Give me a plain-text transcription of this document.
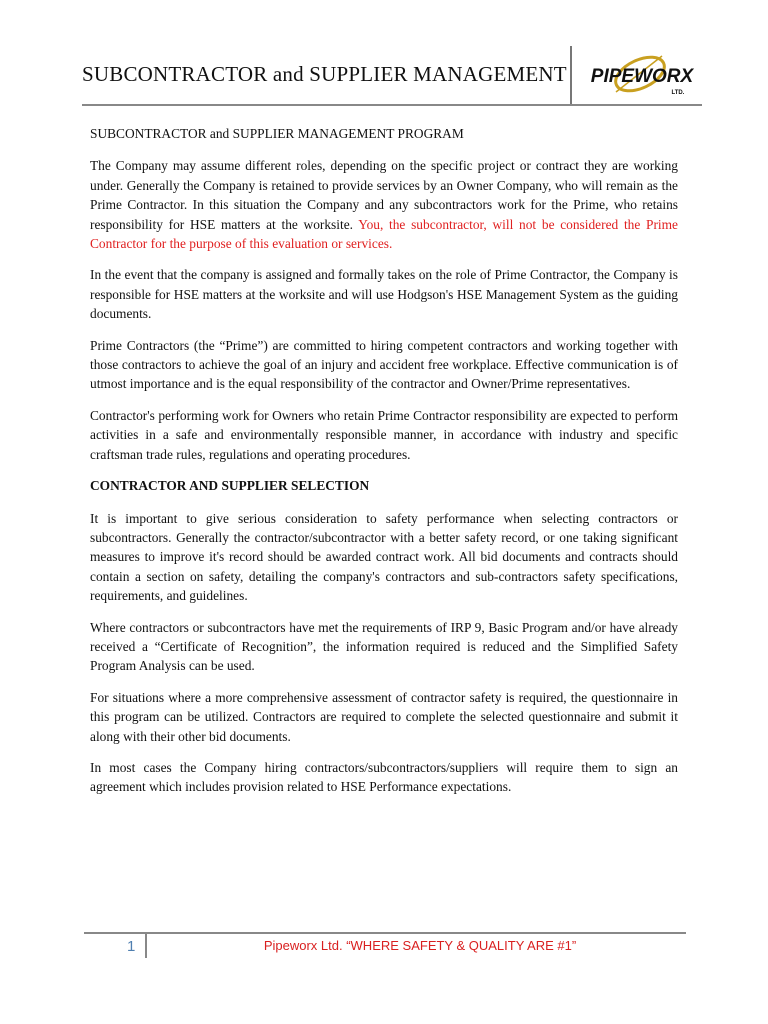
SUBCONTRACTOR and SUPPLIER MANAGEMENT PIPEWORX
LTD.
SUBCONTRACTOR and SUPPLIER MANAGEMENT PROGRAM

The Company may assume different roles, depending on the specific project or contract they are working under. Generally the Company is retained to provide services by an Owner Company, who will remain as the Prime Contractor. In this situation the Company and any subcontractors work for the Prime, who retains responsibility for HSE matters at the worksite. You, the subcontractor, will not be considered the Prime Contractor for the purpose of this evaluation or services.

In the event that the company is assigned and formally takes on the role of Prime Contractor, the Company is responsible for HSE matters at the worksite and will use Hodgson's HSE Management System as the guiding documents.

Prime Contractors (the “Prime”) are committed to hiring competent contractors and working together with those contractors to achieve the goal of an injury and accident free workplace. Effective communication is of utmost importance and is the equal responsibility of the contractor and Owner/Prime representatives.

Contractor's performing work for Owners who retain Prime Contractor responsibility are expected to perform activities in a safe and environmentally responsible manner, in accordance with industry and specific craftsman trade rules, regulations and operating procedures.

CONTRACTOR AND SUPPLIER SELECTION

It is important to give serious consideration to safety performance when selecting contractors or subcontractors. Generally the contractor/subcontractor with a better safety record, or one taking significant measures to improve it's record should be awarded contract work. All bid documents and contracts should contain a section on safety, detailing the company's contractors and sub-contractors safety specifications, requirements, and guidelines.

Where contractors or subcontractors have met the requirements of IRP 9, Basic Program and/or have already received a “Certificate of Recognition”, the information required is reduced and the Simplified Safety Program Analysis can be used.

For situations where a more comprehensive assessment of contractor safety is required, the questionnaire in this program can be utilized. Contractors are required to complete the selected questionnaire and submit it along with their other bid documents.

In most cases the Company hiring contractors/subcontractors/suppliers will require them to sign an agreement which includes provision related to HSE Performance expectations.

1	Pipeworx Ltd. “WHERE SAFETY & QUALITY ARE #1”
